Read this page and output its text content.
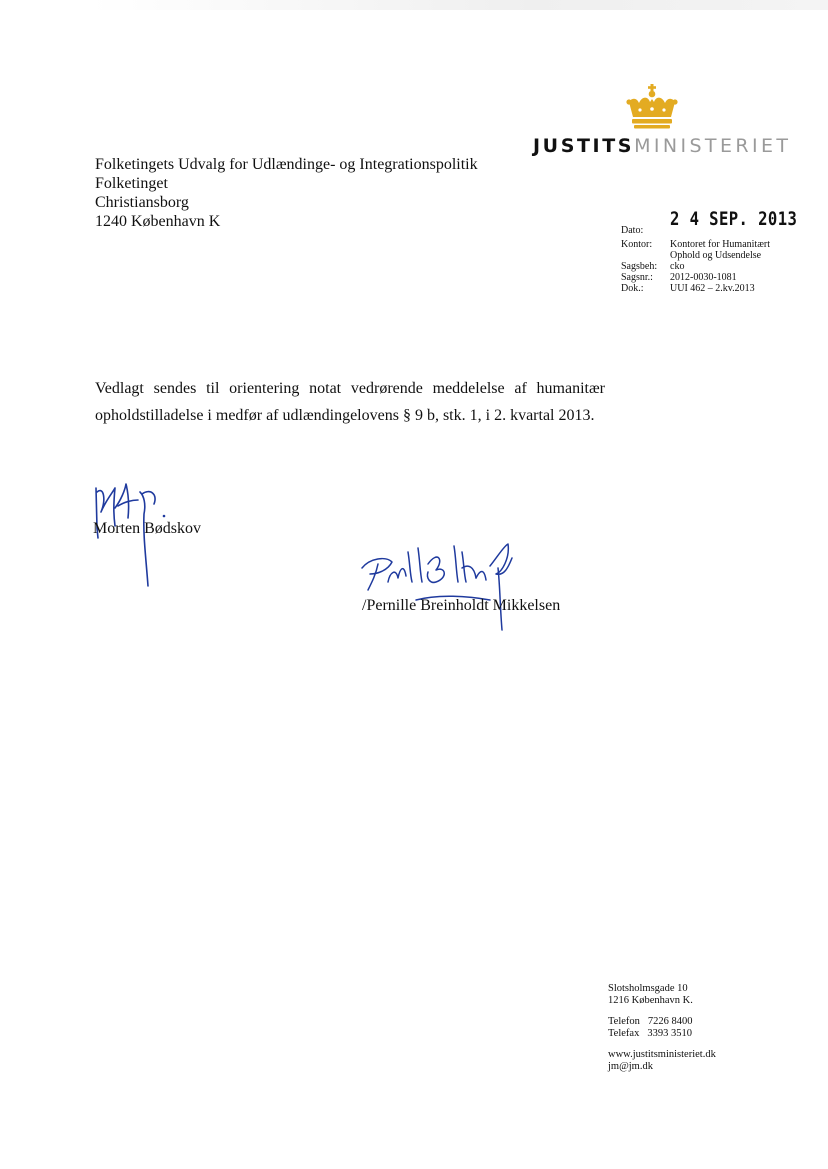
JUSTITSMINISTERIET
Folketingets Udvalg for Udlændinge- og Integrationspolitik
Folketinget
Christiansborg
1240 København K
Dato:
2 4 SEP. 2013
Kontor: Kontoret for Humanitært
Ophold og Udsendelse
Sagsbeh: cko
Sagsnr.: 2012-0030-1081
Dok.:	UUI 462 – 2.kv.2013
Vedlagt sendes til orientering notat vedrørende meddelelse af humanitær opholdstilladelse i medfør af udlændingelovens § 9 b, stk. 1, i 2. kvartal 2013.
Morten Bødskov
/Pernille Breinholdt Mikkelsen
Slotsholmsgade 10
1216 København K.
Telefon 7226 8400
Telefax 3393 3510
www.justitsministeriet.dk
jm@jm.dk
